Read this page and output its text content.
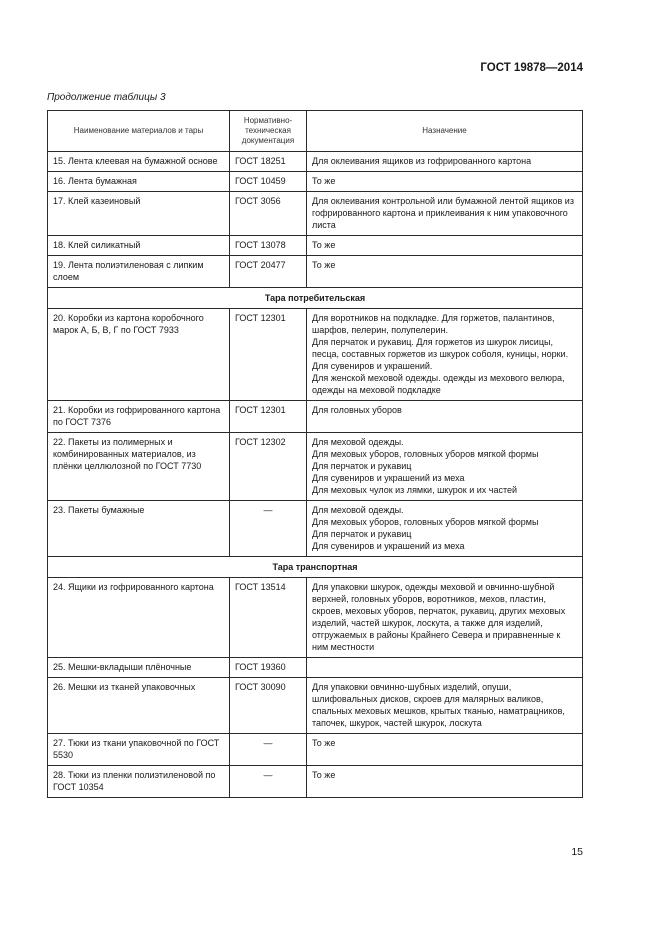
ГОСТ 19878—2014
Продолжение таблицы 3
Наименование материалов и тары	Нормативно-техническая документация	Назначение
15. Лента клеевая на бумажной основе	ГОСТ 18251	Для оклеивания ящиков из гофрированного картона

16. Лента бумажная	ГОСТ 10459	То же

17. Клей казеиновый	ГОСТ 3056	Для оклеивания контрольной или бумажной лентой ящиков из гофрированного картона и приклеивания к ним упаковочного листа

18. Клей силикатный	ГОСТ 13078	То же

19. Лента полиэтиленовая с липким слоем	ГОСТ 20477	То же

Тара потребительская		
20. Коробки из картона коробочного марок А, Б, В, Г по ГОСТ 7933	ГОСТ 12301	Для воротников на подкладке. Для горжетов, палантинов, шарфов, пелерин, полупелерин.
Для перчаток и рукавиц. Для горжетов из шкурок лисицы, песца, составных горжетов из шкурок соболя, куницы, норки.
Для сувениров и украшений.
Для женской меховой одежды. одежды из мехового велюра, одежды на меховой подкладке

21. Коробки из гофрированного картона по ГОСТ 7376	ГОСТ 12301	Для головных уборов

22. Пакеты из полимерных и комбинированных материалов, из плёнки целлюлозной по ГОСТ 7730	ГОСТ 12302	Для меховой одежды.
Для меховых уборов, головных уборов мягкой формы
Для перчаток и рукавиц
Для сувениров и украшений из меха
Для меховых чулок из лямки, шкурок и их частей

23. Пакеты бумажные	—	Для меховой одежды.
Для меховых уборов, головных уборов мягкой формы
Для перчаток и рукавиц
Для сувениров и украшений из меха

Тара транспортная		
24. Ящики из гофрированного картона	ГОСТ 13514	Для упаковки шкурок, одежды меховой и овчинно-шубной верхней, головных уборов, воротников, мехов, пластин, скроев, меховых уборов, перчаток, рукавиц, других меховых изделий, частей шкурок, лоскута, а также для изделий, отгружаемых в районы Крайнего Севера и приравненные к ним местности

25. Мешки-вкладыши плёночные	ГОСТ 19360	

26. Мешки из тканей упаковочных	ГОСТ 30090	Для упаковки овчинно-шубных изделий, опуши, шлифовальных дисков, скроев для малярных валиков, спальных меховых мешков, крытых тканью, наматрацников, тапочек, шкурок, частей шкурок, лоскута

27. Тюки из ткани упаковочной по ГОСТ 5530	—	То же

28. Тюки из пленки полиэтиленовой по ГОСТ 10354	—	То же
15
